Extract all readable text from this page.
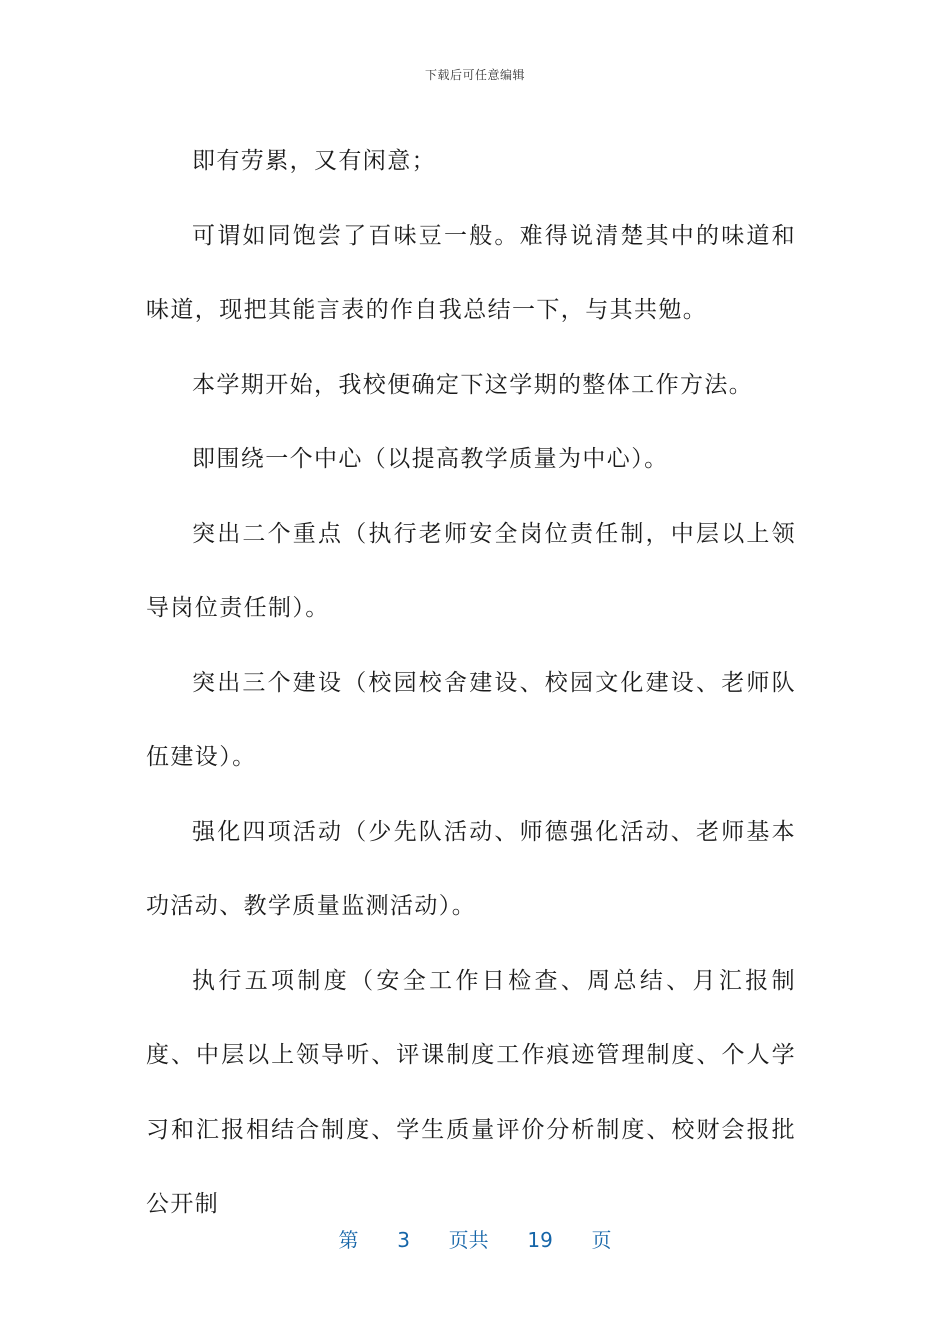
下载后可任意编辑

即有劳累，又有闲意；

可谓如同饱尝了百味豆一般。难得说清楚其中的味道和味道，现把其能言表的作自我总结一下，与其共勉。

本学期开始，我校便确定下这学期的整体工作方法。

即围绕一个中心（以提高教学质量为中心）。

突出二个重点（执行老师安全岗位责任制，中层以上领导岗位责任制）。

突出三个建设（校园校舍建设、校园文化建设、老师队伍建设）。

强化四项活动（少先队活动、师德强化活动、老师基本功活动、教学质量监测活动）。

执行五项制度（安全工作日检查、周总结、月汇报制度、中层以上领导听、评课制度工作痕迹管理制度、个人学习和汇报相结合制度、学生质量评价分析制度、校财会报批公开制

第 3 页共 19 页
